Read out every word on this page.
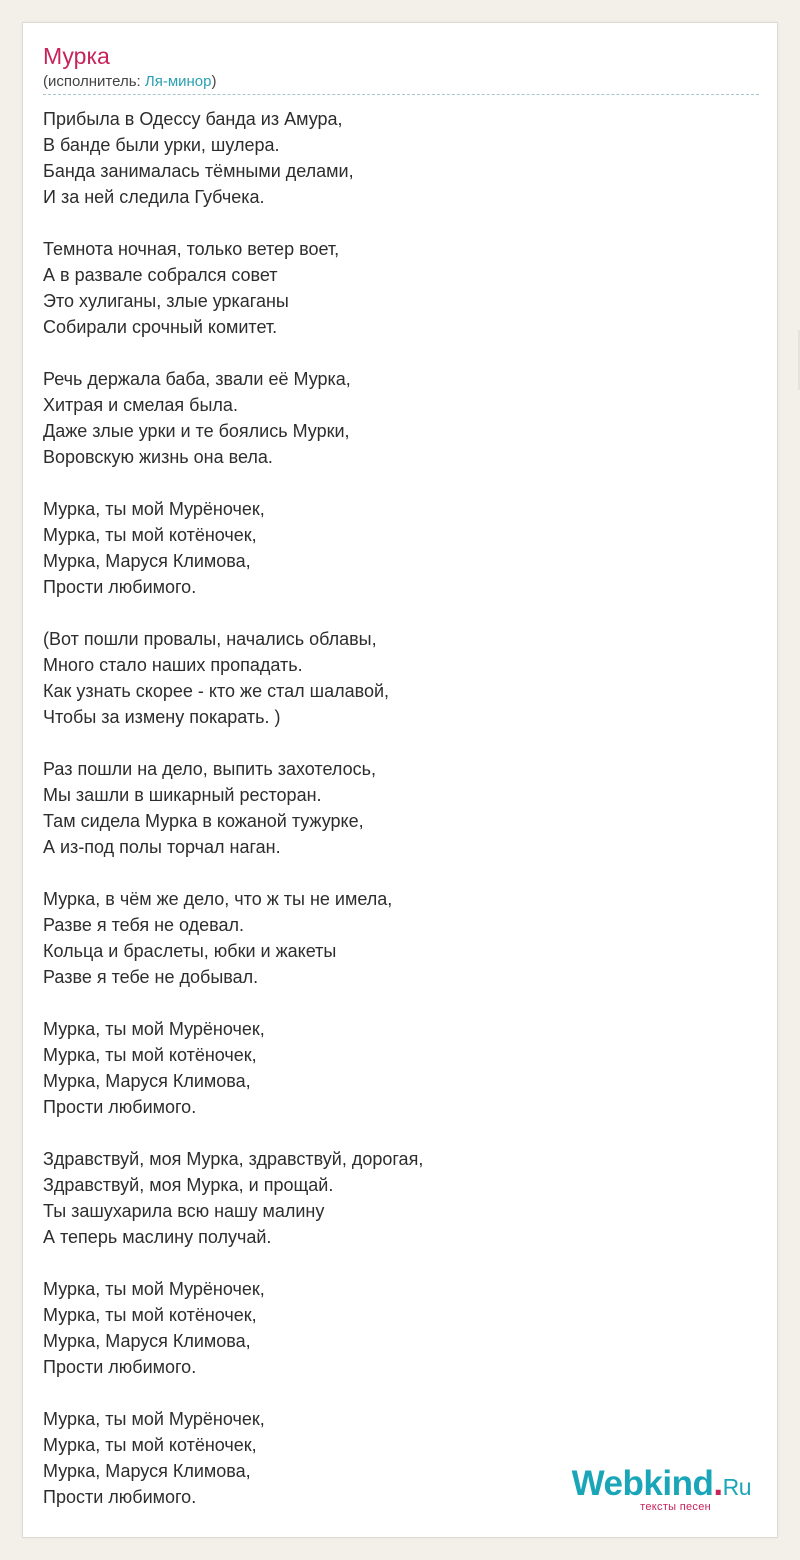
Мурка
(исполнитель: Ля-минор)
Прибыла в Одессу банда из Амура,
В банде были урки, шулера.
Банда занималась тёмными делами,
И за ней следила Губчека.
Темнота ночная, только ветер воет,
А в развале собрался совет
Это хулиганы, злые уркаганы
Собирали срочный комитет.
Речь держала баба, звали её Мурка,
Хитрая и смелая была.
Даже злые урки и те боялись Мурки,
Воровскую жизнь она вела.
Мурка, ты мой Мурёночек,
Мурка, ты мой котёночек,
Мурка, Маруся Климова,
Прости любимого.
(Вот пошли провалы, начались облавы,
Много стало наших пропадать.
Как узнать скорее - кто же стал шалавой,
Чтобы за измену покарать. )
Раз пошли на дело, выпить захотелось,
Мы зашли в шикарный ресторан.
Там сидела Мурка в кожаной тужурке,
А из-под полы торчал наган.
Мурка, в чём же дело, что ж ты не имела,
Разве я тебя не одевал.
Кольца и браслеты, юбки и жакеты
Разве я тебе не добывал.
Мурка, ты мой Мурёночек,
Мурка, ты мой котёночек,
Мурка, Маруся Климова,
Прости любимого.
Здравствуй, моя Мурка, здравствуй, дорогая,
Здравствуй, моя Мурка, и прощай.
Ты зашухарила всю нашу малину
А теперь маслину получай.
Мурка, ты мой Мурёночек,
Мурка, ты мой котёночек,
Мурка, Маруся Климова,
Прости любимого.
Мурка, ты мой Мурёночек,
Мурка, ты мой котёночек,
Мурка, Маруся Климова,
Прости любимого.	Webkind.Ru
тексты песен
